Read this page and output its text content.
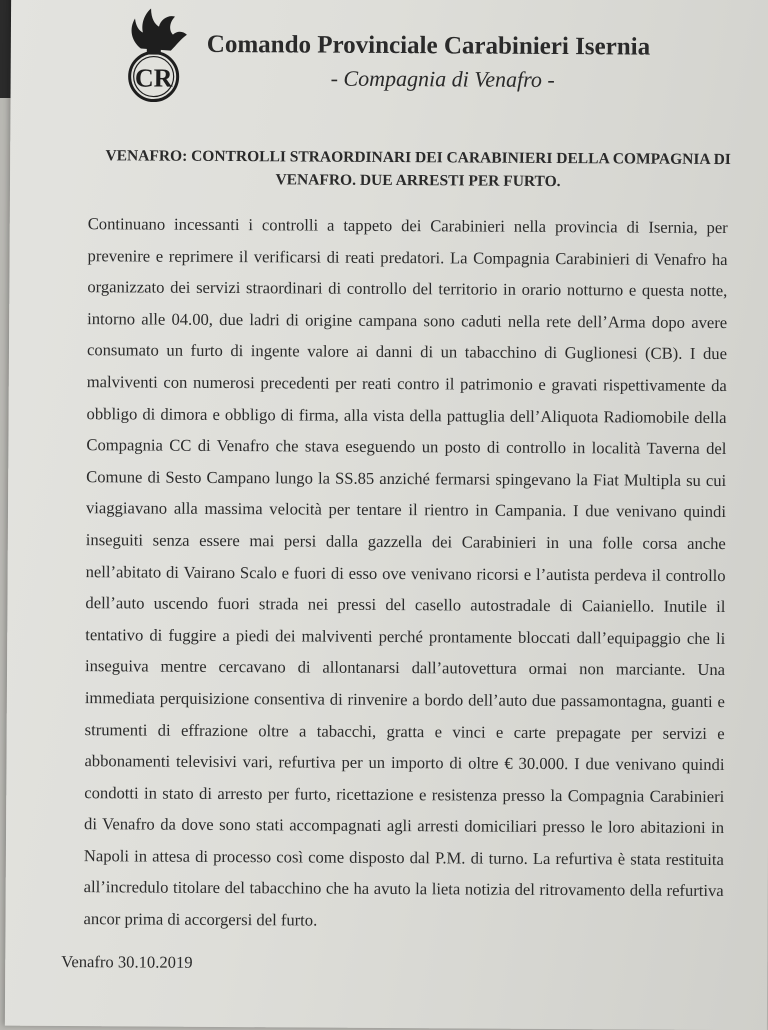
CR
Comando Provinciale Carabinieri Isernia
- Compagnia di Venafro -
VENAFRO: CONTROLLI STRAORDINARI DEI CARABINIERI DELLA COMPAGNIA DI VENAFRO. DUE ARRESTI PER FURTO.

Continuano incessanti i controlli a tappeto dei Carabinieri nella provincia di Isernia, per prevenire e reprimere il verificarsi di reati predatori. La Compagnia Carabinieri di Venafro ha organizzato dei servizi straordinari di controllo del territorio in orario notturno e questa notte, intorno alle 04.00, due ladri di origine campana sono caduti nella rete dell’Arma dopo avere consumato un furto di ingente valore ai danni di un tabacchino di Guglionesi (CB). I due malviventi con numerosi precedenti per reati contro il patrimonio e gravati rispettivamente da obbligo di dimora e obbligo di firma, alla vista della pattuglia dell’Aliquota Radiomobile della Compagnia CC di Venafro che stava eseguendo un posto di controllo in località Taverna del Comune di Sesto Campano lungo la SS.85 anziché fermarsi spingevano la Fiat Multipla su cui viaggiavano alla massima velocità per tentare il rientro in Campania. I due venivano quindi inseguiti senza essere mai persi dalla gazzella dei Carabinieri in una folle corsa anche nell’abitato di Vairano Scalo e fuori di esso ove venivano ricorsi e l’autista perdeva il controllo dell’auto uscendo fuori strada nei pressi del casello autostradale di Caianiello. Inutile il tentativo di fuggire a piedi dei malviventi perché prontamente bloccati dall’equipaggio che li inseguiva mentre cercavano di allontanarsi dall’autovettura ormai non marciante. Una immediata perquisizione consentiva di rinvenire a bordo dell’auto due passamontagna, guanti e strumenti di effrazione oltre a tabacchi, gratta e vinci e carte prepagate per servizi e abbonamenti televisivi vari, refurtiva per un importo di oltre € 30.000. I due venivano quindi condotti in stato di arresto per furto, ricettazione e resistenza presso la Compagnia Carabinieri di Venafro da dove sono stati accompagnati agli arresti domiciliari presso le loro abitazioni in Napoli in attesa di processo così come disposto dal P.M. di turno. La refurtiva è stata restituita all’incredulo titolare del tabacchino che ha avuto la lieta notizia del ritrovamento della refurtiva ancor prima di accorgersi del furto.

Venafro 30.10.2019
